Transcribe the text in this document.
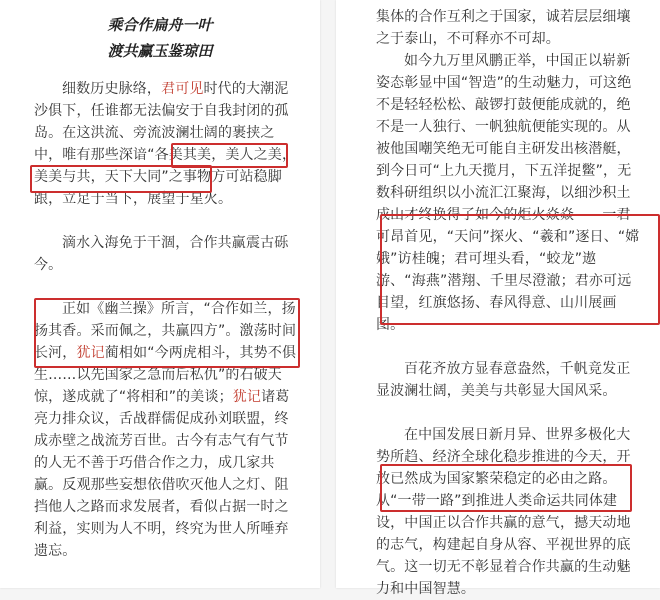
乘合作扁舟一叶
渡共赢玉鉴琼田

细数历史脉络，君可见时代的大潮泥沙俱下，任谁都无法偏安于自我封闭的孤岛。在这洪流、旁流波澜壮阔的裹挟之中，唯有那些深谙“各美其美，美人之美，美美与共，天下大同”之事物方可站稳脚跟，立足于当下，展望于星火。

滴水入海免于干涸，合作共赢震古砾今。

正如《幽兰操》所言，“合作如兰，扬扬其香。采而佩之，共赢四方”。激荡时间长河，犹记蔺相如“今两虎相斗，其势不俱生……以先国家之急而后私仇”的石破天惊，遂成就了“将相和”的美谈；犹记诸葛亮力排众议，舌战群儒促成孙刘联盟，终成赤壁之战流芳百世。古今有志气有气节的人无不善于巧借合作之力，成几家共赢。反观那些妄想依借吹灭他人之灯、阻挡他人之路而求发展者，看似占据一时之利益，实则为人不明，终究为世人所唾弃遗忘。

集体的合作互利之于国家，诚若层层细壤之于泰山，不可释亦不可却。

如今九万里风鹏正举，中国正以崭新姿态彰显中国“智造”的生动魅力，可这绝不是轻轻松松、敲锣打鼓便能成就的，绝不是一人独行、一帆独航便能实现的。从被他国嘲笑绝无可能自主研发出核潜艇，到今日可“上九天揽月，下五洋捉鳖”，无数科研组织以小流汇江聚海，以细沙积土成山才终换得了如今的炬火焱焱——一君可昂首见，“天问”探火、“羲和”逐日、“嫦娥”访桂魄；君可埋头看，“蛟龙”遨游、“海燕”潜翔、千里尽澄澈；君亦可远目望，红旗悠扬、春风得意、山川展画图。

百花齐放方显春意盎然，千帆竞发正显波澜壮阔，美美与共彰显大国风采。

在中国发展日新月异、世界多极化大势所趋、经济全球化稳步推进的今天，开放已然成为国家繁荣稳定的必由之路。从“一带一路”到推进人类命运共同体建设，中国正以合作共赢的意气，撼天动地的志气，构建起自身从容、平视世界的底气。这一切无不彰显着合作共赢的生动魅力和中国智慧。
